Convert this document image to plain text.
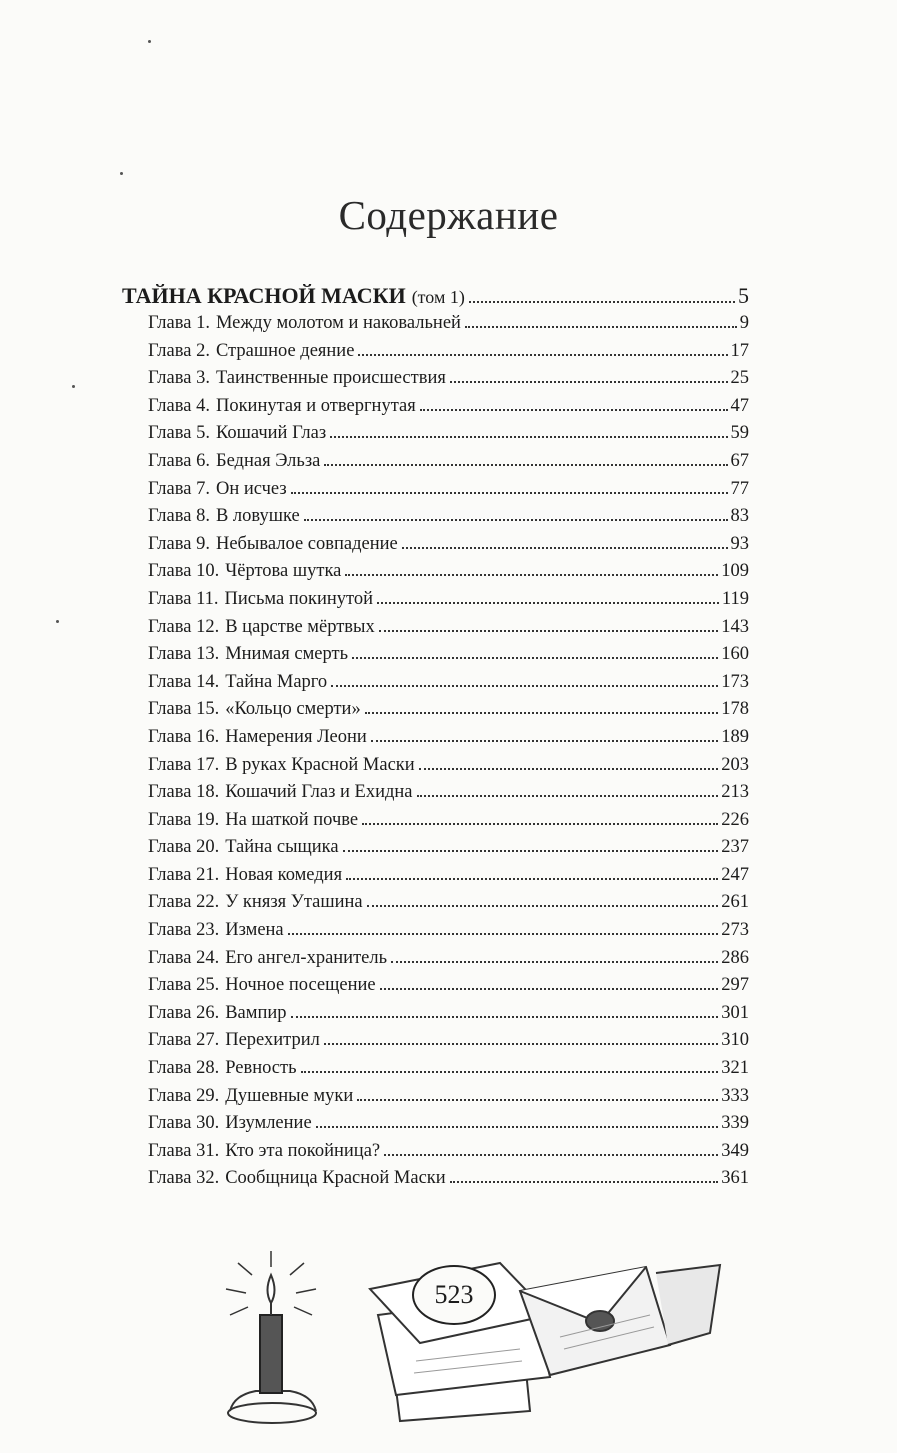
Содержание
ТАЙНА КРАСНОЙ МАСКИ (том 1)	5
Глава 1. Между молотом и наковальней	9
Глава 2. Страшное деяние	17
Глава 3. Таинственные происшествия	25
Глава 4. Покинутая и отвергнутая	47
Глава 5. Кошачий Глаз	59
Глава 6. Бедная Эльза	67
Глава 7. Он исчез	77
Глава 8. В ловушке	83
Глава 9. Небывалое совпадение	93
Глава 10. Чёртова шутка	109
Глава 11. Письма покинутой	119
Глава 12. В царстве мёртвых	143
Глава 13. Мнимая смерть	160
Глава 14. Тайна Марго	173
Глава 15. «Кольцо смерти»	178
Глава 16. Намерения Леони	189
Глава 17. В руках Красной Маски	203
Глава 18. Кошачий Глаз и Ехидна	213
Глава 19. На шаткой почве	226
Глава 20. Тайна сыщика	237
Глава 21. Новая комедия	247
Глава 22. У князя Уташина	261
Глава 23. Измена	273
Глава 24. Его ангел-хранитель	286
Глава 25. Ночное посещение	297
Глава 26. Вампир	301
Глава 27. Перехитрил	310
Глава 28. Ревность	321
Глава 29. Душевные муки	333
Глава 30. Изумление	339
Глава 31. Кто эта покойница?	349
Глава 32. Сообщница Красной Маски	361
523
